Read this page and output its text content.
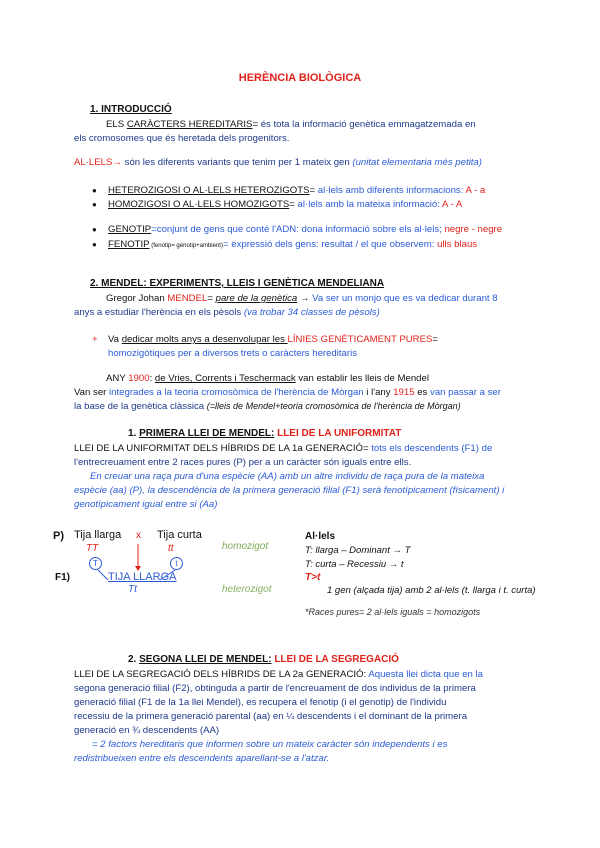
HERÈNCIA BIOLÒGICA
1. INTRODUCCIÓ
ELS CARÀCTERS HEREDITARIS= és tota la informació genètica emmagatzemada en
els cromosomes que és heretada dels progenitors.
AL·LELS→ són les diferents variants que tenim per 1 mateix gen (unitat elementaria més petita)
● HETEROZIGOSI O AL·LELS HETEROZIGOTS= al·lels amb diferents informacions: A - a
● HOMOZIGOSI O AL·LELS HOMOZIGOTS= al·lels amb la mateixa informació: A - A
● GENOTIP=conjunt de gens que conté l'ADN: dona informació sobre els al·lels; negre - negre
● FENOTIP (fenotip= genotip+ambient)= expressió dels gens: resultat / el que observem: ulls blaus
2. MENDEL: EXPERIMENTS, LLEIS I GENÈTICA MENDELIANA
Gregor Johan MENDEL= pare de la genètica → Va ser un monjo que es va dedicar durant 8
anys a estudiar l'herència en els pèsols (va trobar 34 classes de pèsols)
+ Va dedicar molts anys a desenvolupar les LÍNIES GENÈTICAMENT PURES=
homozigòtiques per a diversos trets o caràcters hereditaris
ANY 1900: de Vries, Corrents i Teschermack van establir les lleis de Mendel
Van ser integrades a la teoria cromosòmica de l'herència de Mòrgan i l'any 1915 es van passar a ser
la base de la genètica clàssica (=lleis de Mendel+teoria cromosòmica de l'herència de Mòrgan)
1. PRIMERA LLEI DE MENDEL: LLEI DE LA UNIFORMITAT
LLEI DE LA UNIFORMITAT DELS HÍBRIDS DE LA 1a GENERACIÓ= tots els descendents (F1) de
l'entrecreuament entre 2 races pures (P) per a un caràcter són iguals entre ells.
En creuar una raça pura d'una espècie (AA) amb un altre individu de raça pura de la mateixa
espècie (aa) (P), la descendència de la primera generació filial (F1) serà fenotípicament (físicament) i
genotípicament igual entre si (Aa)
P) Tija llarga x Tija curta
TT	tt	homozigot
T	t
F1)	TIJA LLARGA
Tt	heterozigot
Al·lels
T: llarga – Dominant → T
T: curta – Recessiu → t
T>t
1 gen (alçada tija) amb 2 al·lels (t. llarga i t. curta)
*Races pures= 2 al·lels iguals = homozigots
2. SEGONA LLEI DE MENDEL: LLEI DE LA SEGREGACIÓ
LLEI DE LA SEGREGACIÓ DELS HÍBRIDS DE LA 2a GENERACIÓ: Aquesta llei dicta que en la
segona generació filial (F2), obtinguda a partir de l'encreuament de dos individus de la primera
generació filial (F1 de la 1a llei Mendel), es recupera el fenotip (i el genotip) de l'individu
recessiu de la primera generació parental (aa) en ¼ descendents i el dominant de la primera
generació en ¾ descendents (AA)
= 2 factors hereditaris que informen sobre un mateix caràcter són independents i es
redistribueixen entre els descendents aparellant-se a l'atzar.
